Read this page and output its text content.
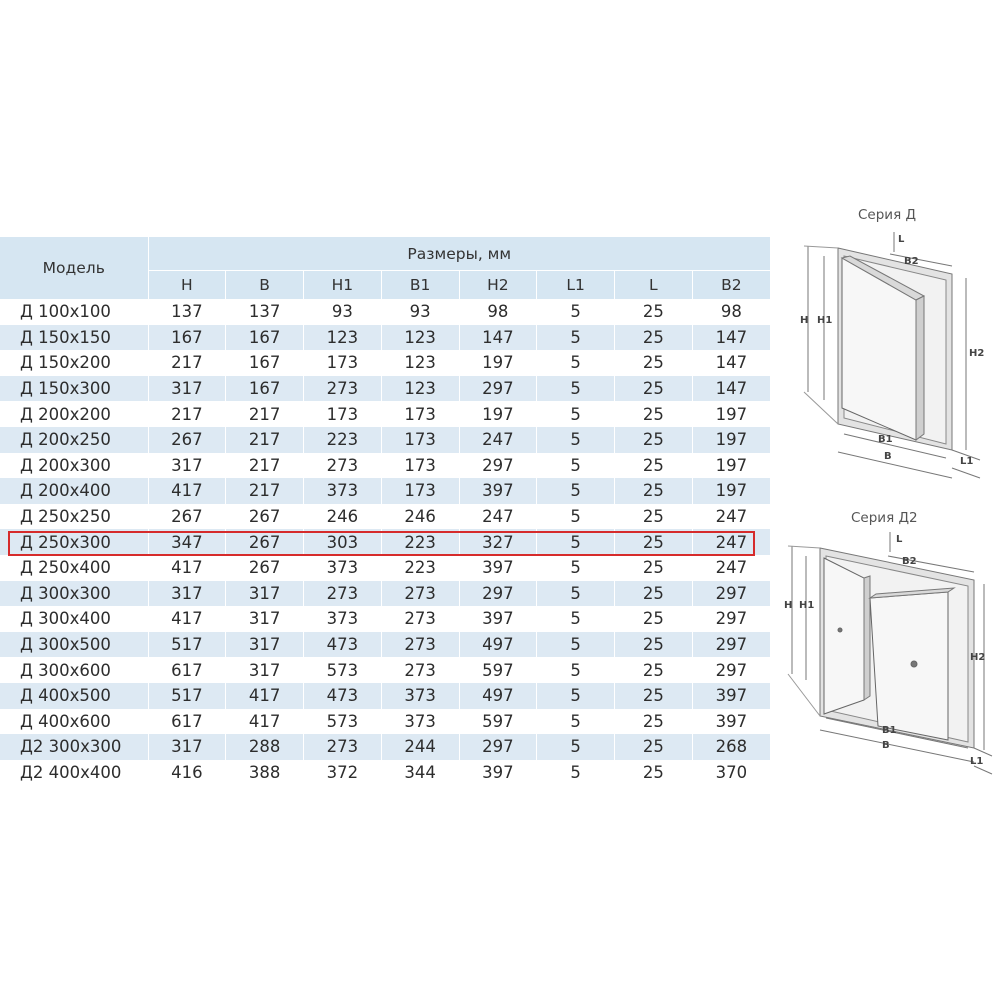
Модель	Размеры, мм							
	H	B	H1	B1	H2	L1	L	B2
Д 100x100	137	137	93	93	98	5	25	98
Д 150x150	167	167	123	123	147	5	25	147
Д 150x200	217	167	173	123	197	5	25	147
Д 150x300	317	167	273	123	297	5	25	147
Д 200x200	217	217	173	173	197	5	25	197
Д 200x250	267	217	223	173	247	5	25	197
Д 200x300	317	217	273	173	297	5	25	197
Д 200x400	417	217	373	173	397	5	25	197
Д 250x250	267	267	246	246	247	5	25	247
Д 250x300	347	267	303	223	327	5	25	247
Д 250x400	417	267	373	223	397	5	25	247
Д 300x300	317	317	273	273	297	5	25	297
Д 300x400	417	317	373	273	397	5	25	297
Д 300x500	517	317	473	273	497	5	25	297
Д 300x600	617	317	573	273	597	5	25	297
Д 400x500	517	417	473	373	497	5	25	397
Д 400x600	617	417	573	373	597	5	25	397
Д2 300x300	317	288	273	244	297	5	25	268
Д2 400x400	416	388	372	344	397	5	25	370
Серия Д
Серия Д2
H H1
H2
B1
B
B2
L
L1
H H1
H2
B1
B
B2
L
L1
